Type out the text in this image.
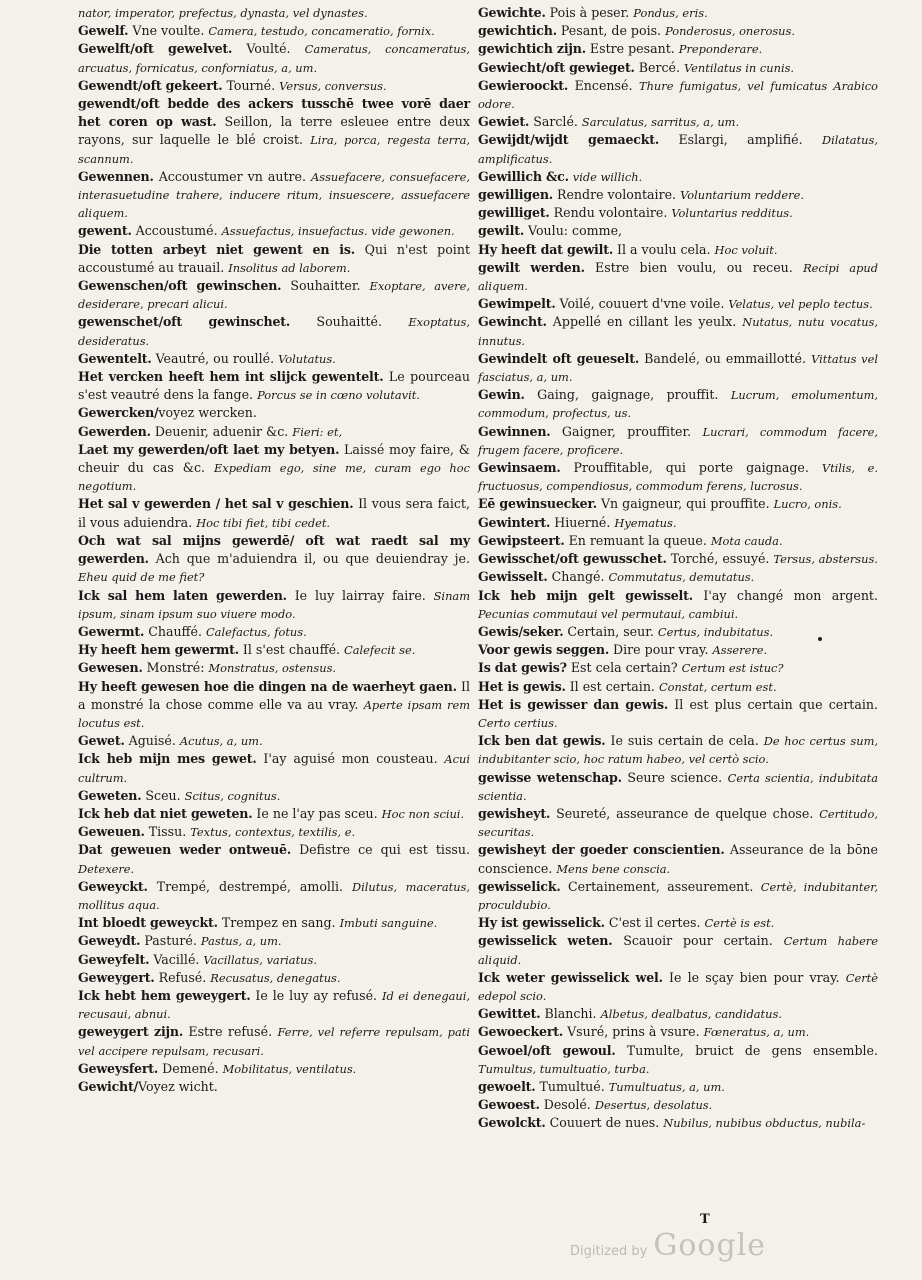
nator, imperator, prefectus, dynasta, vel dynastes.

Gewelf. Vne voulte. Camera, testudo, concameratio, fornix.

Gewelft/oft gewelvet. Voulté. Cameratus, concameratus, arcuatus, fornicatus, conforniatus, a, um.

Gewendt/oft gekeert. Tourné. Versus, conversus.

gewendt/oft bedde des ackers tusschē twee vorē daer het coren op wast. Seillon, la terre esleuee entre deux rayons, sur laquelle le blé croist. Lira, porca, regesta terra, scannum.

Gewennen. Accoustumer vn autre. Assuefacere, consuefacere, interasuetudine trahere, inducere ritum, insuescere, assuefacere aliquem.

gewent. Accoustumé. Assuefactus, insuefactus. vide gewonen.

Die totten arbeyt niet gewent en is. Qui n'est point accoustumé au trauail. Insolitus ad laborem.

Gewenschen/oft gewinschen. Souhaitter. Exoptare, avere, desiderare, precari alicui.

gewenschet/oft gewinschet. Souhaitté. Exoptatus, desideratus.

Gewentelt. Veautré, ou roullé. Volutatus.

Het vercken heeft hem int slijck gewentelt. Le pourceau s'est veautré dens la fange. Porcus se in cœno volutavit.

Gewercken/voyez wercken.

Gewerden. Deuenir, aduenir &c. Fieri: et,

Laet my gewerden/oft laet my betyen. Laissé moy faire, & cheuir du cas &c. Expediam ego, sine me, curam ego hoc negotium.

Het sal v gewerden / het sal v geschien. Il vous sera faict, il vous aduiendra. Hoc tibi fiet, tibi cedet.

Och wat sal mijns gewerdē/ oft wat raedt sal my gewerden. Ach que m'aduiendra il, ou que deuiendray je. Eheu quid de me fiet?

Ick sal hem laten gewerden. Ie luy lairray faire. Sinam ipsum, sinam ipsum suo viuere modo.

Gewermt. Chauffé. Calefactus, fotus.

Hy heeft hem gewermt. Il s'est chauffé. Calefecit se.

Gewesen. Monstré: Monstratus, ostensus.

Hy heeft gewesen hoe die dingen na de waerheyt gaen. Il a monstré la chose comme elle va au vray. Aperte ipsam rem locutus est.

Gewet. Aguisé. Acutus, a, um.

Ick heb mijn mes gewet. I'ay aguisé mon cousteau. Acui cultrum.

Geweten. Sceu. Scitus, cognitus.

Ick heb dat niet geweten. Ie ne l'ay pas sceu. Hoc non sciui.

Geweuen. Tissu. Textus, contextus, textilis, e.

Dat geweuen weder ontweuē. Defistre ce qui est tissu. Detexere.

Geweyckt. Trempé, destrempé, amolli. Dilutus, maceratus, mollitus aqua.

Int bloedt geweyckt. Trempez en sang. Imbuti sanguine.

Geweydt. Pasturé. Pastus, a, um.

Geweyfelt. Vacillé. Vacillatus, variatus.

Geweygert. Refusé. Recusatus, denegatus.

Ick hebt hem geweygert. Ie le luy ay refusé. Id ei denegaui, recusaui, abnui.

geweygert zijn. Estre refusé. Ferre, vel referre repulsam, pati vel accipere repulsam, recusari.

Geweysfert. Demené. Mobilitatus, ventilatus.

Gewicht/Voyez wicht.

Gewichte. Pois à peser. Pondus, eris.

gewichtich. Pesant, de pois. Ponderosus, onerosus.

gewichtich zijn. Estre pesant. Preponderare.

Gewiecht/oft gewieget. Bercé. Ventilatus in cunis.

Gewieroockt. Encensé. Thure fumigatus, vel fumicatus Arabico odore.

Gewiet. Sarclé. Sarculatus, sarritus, a, um.

Gewijdt/wijdt gemaeckt. Eslargi, amplifié. Dilatatus, amplificatus.

Gewillich &c. vide willich.

gewilligen. Rendre volontaire. Voluntarium reddere.

gewilliget. Rendu volontaire. Voluntarius redditus.

gewilt. Voulu: comme,

Hy heeft dat gewilt. Il a voulu cela. Hoc voluit.

gewilt werden. Estre bien voulu, ou receu. Recipi apud aliquem.

Gewimpelt. Voilé, couuert d'vne voile. Velatus, vel peplo tectus.

Gewincht. Appellé en cillant les yeulx. Nutatus, nutu vocatus, innutus.

Gewindelt oft geueselt. Bandelé, ou emmaillotté. Vittatus vel fasciatus, a, um.

Gewin. Gaing, gaignage, prouffit. Lucrum, emolumentum, commodum, profectus, us.

Gewinnen. Gaigner, prouffiter. Lucrari, commodum facere, frugem facere, proficere.

Gewinsaem. Prouffitable, qui porte gaignage. Vtilis, e. fructuosus, compendiosus, commodum ferens, lucrosus.

Eē gewinsuecker. Vn gaigneur, qui prouffite. Lucro, onis.

Gewintert. Hiuerné. Hyematus.

Gewipsteert. En remuant la queue. Mota cauda.

Gewisschet/oft gewusschet. Torché, essuyé. Tersus, abstersus.

Gewisselt. Changé. Commutatus, demutatus.

Ick heb mijn gelt gewisselt. I'ay changé mon argent. Pecunias commutaui vel permutaui, cambiui.

Gewis/seker. Certain, seur. Certus, indubitatus.

Voor gewis seggen. Dire pour vray. Asserere.

Is dat gewis? Est cela certain? Certum est istuc?

Het is gewis. Il est certain. Constat, certum est.

Het is gewisser dan gewis. Il est plus certain que certain. Certo certius.

Ick ben dat gewis. Ie suis certain de cela. De hoc certus sum, indubitanter scio, hoc ratum habeo, vel certò scio.

gewisse wetenschap. Seure science. Certa scientia, indubitata scientia.

gewisheyt. Seureté, asseurance de quelque chose. Certitudo, securitas.

gewisheyt der goeder conscientien. Asseurance de la bōne conscience. Mens bene conscia.

gewisselick. Certainement, asseurement. Certè, indubitanter, proculdubio.

Hy ist gewisselick. C'est il certes. Certè is est.

gewisselick weten. Scauoir pour certain. Certum habere aliquid.

Ick weter gewisselick wel. Ie le sçay bien pour vray. Certè edepol scio.

Gewittet. Blanchi. Albetus, dealbatus, candidatus.

Gewoeckert. Vsuré, prins à vsure. Fœneratus, a, um.

Gewoel/oft gewoul. Tumulte, bruict de gens ensemble. Tumultus, tumultuatio, turba.

gewoelt. Tumultué. Tumultuatus, a, um.

Gewoest. Desolé. Desertus, desolatus.

Gewolckt. Couuert de nues. Nubilus, nubibus obductus, nubila-

T
Digitized by Google
